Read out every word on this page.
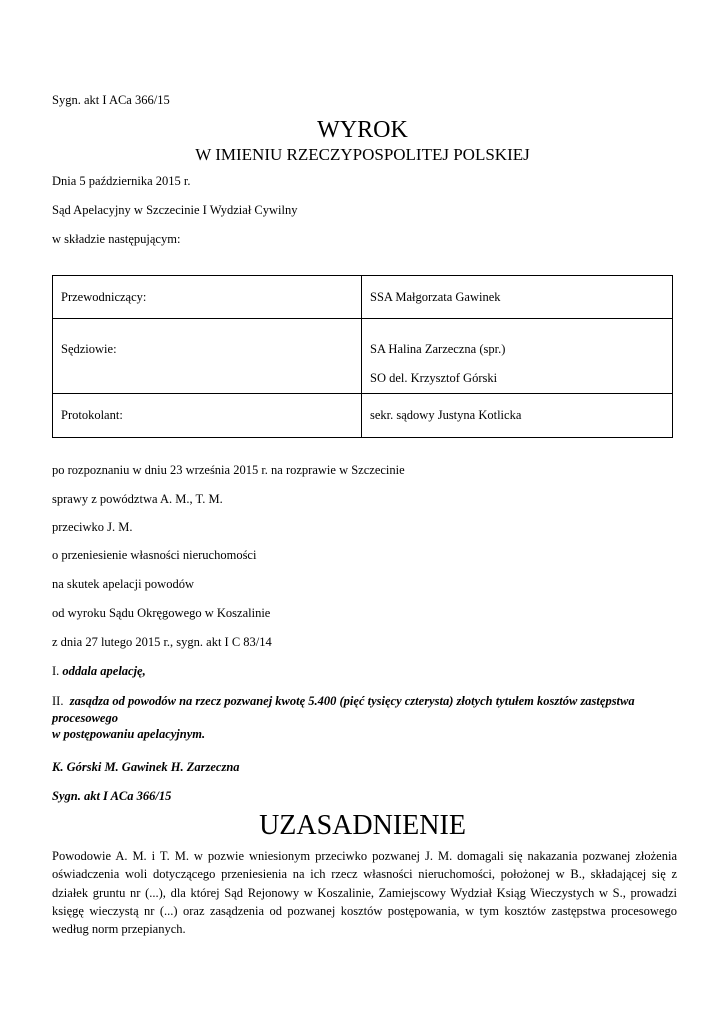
Sygn. akt I ACa 366/15
WYROK
W IMIENIU RZECZYPOSPOLITEJ POLSKIEJ
Dnia 5 października 2015 r.
Sąd Apelacyjny w Szczecinie I Wydział Cywilny
w składzie następującym:
Przewodniczący:	SSA Małgorzata Gawinek

Sędziowie:	SA Halina Zarzeczna (spr.)
SO del. Krzysztof Górski

Protokolant:	sekr. sądowy Justyna Kotlicka
po rozpoznaniu w dniu 23 września 2015 r. na rozprawie w Szczecinie
sprawy z powództwa A. M., T. M.
przeciwko J. M.
o przeniesienie własności nieruchomości
na skutek apelacji powodów
od wyroku Sądu Okręgowego w Koszalinie
z dnia 27 lutego 2015 r., sygn. akt I C 83/14
I. oddala apelację,
II. zasądza od powodów na rzecz pozwanej kwotę 5.400 (pięć tysięcy czterysta) złotych tytułem kosztów zastępstwa procesowego
w postępowaniu apelacyjnym.
K. Górski M. Gawinek H. Zarzeczna
Sygn. akt I ACa 366/15
UZASADNIENIE
Powodowie A. M. i T. M. w pozwie wniesionym przeciwko pozwanej J. M. domagali się nakazania pozwanej złożenia oświadczenia woli dotyczącego przeniesienia na ich rzecz własności nieruchomości, położonej w B., składającej się z działek gruntu nr (...), dla której Sąd Rejonowy w Koszalinie, Zamiejscowy Wydział Ksiąg Wieczystych w S., prowadzi księgę wieczystą nr (...) oraz zasądzenia od pozwanej kosztów postępowania, w tym kosztów zastępstwa procesowego według norm przepianych.
